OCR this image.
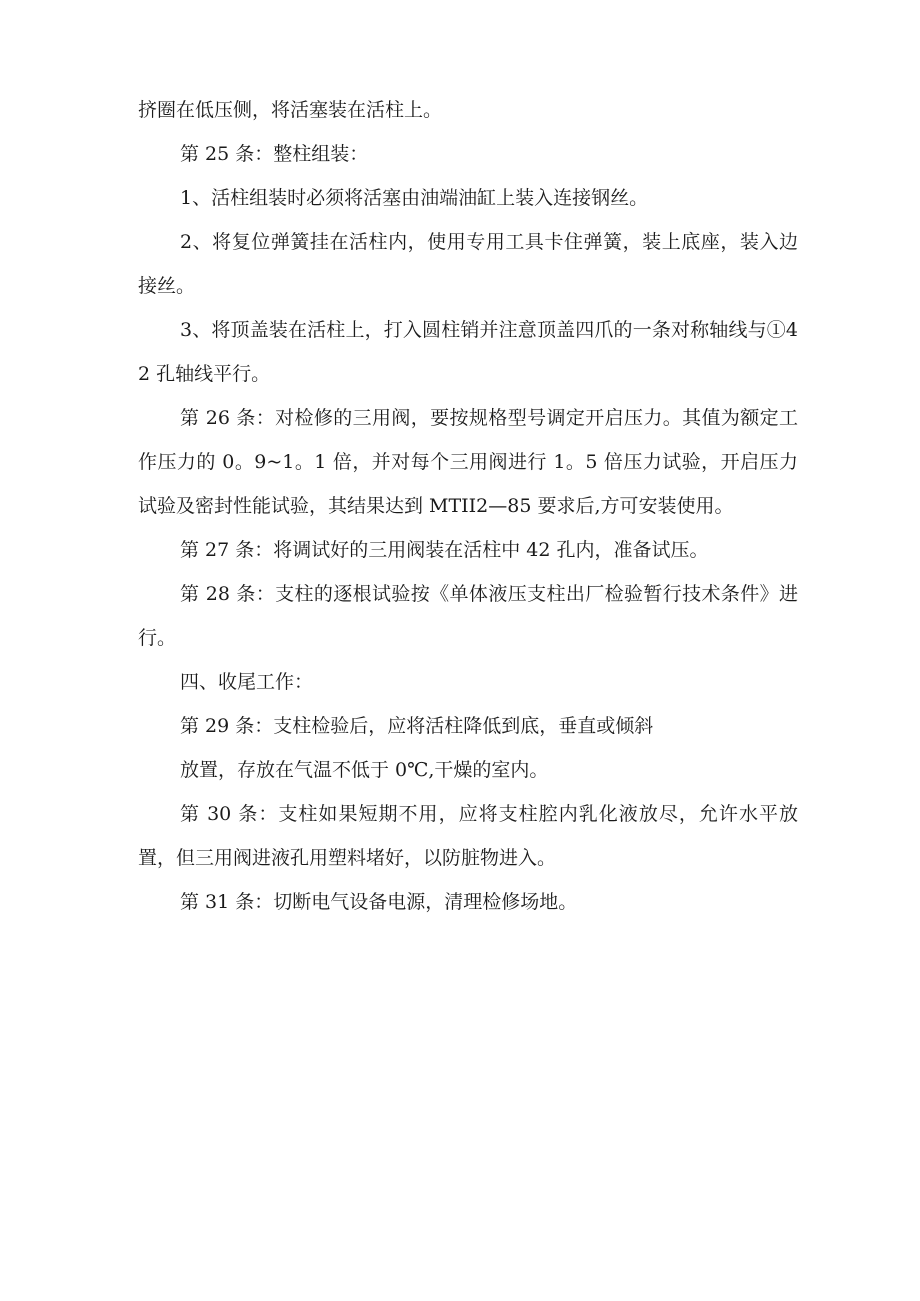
挤圈在低压侧，将活塞装在活柱上。

第 25 条：整柱组装：

1、活柱组装时必须将活塞由油端油缸上装入连接钢丝。

2、将复位弹簧挂在活柱内，使用专用工具卡住弹簧，装上底座，装入边接丝。

3、将顶盖装在活柱上，打入圆柱销并注意顶盖四爪的一条对称轴线与①42 孔轴线平行。

第 26 条：对检修的三用阀，要按规格型号调定开启压力。其值为额定工作压力的 0。9~1。1 倍，并对每个三用阀进行 1。5 倍压力试验，开启压力试验及密封性能试验，其结果达到 MTII2—85 要求后,方可安装使用。

第 27 条：将调试好的三用阀装在活柱中 42 孔内，准备试压。

第 28 条：支柱的逐根试验按《单体液压支柱出厂检验暂行技术条件》进行。

四、收尾工作：

第 29 条：支柱检验后，应将活柱降低到底，垂直或倾斜

放置，存放在气温不低于 0℃,干燥的室内。

第 30 条：支柱如果短期不用，应将支柱腔内乳化液放尽，允许水平放置，但三用阀进液孔用塑料堵好，以防脏物进入。

第 31 条：切断电气设备电源，清理检修场地。
